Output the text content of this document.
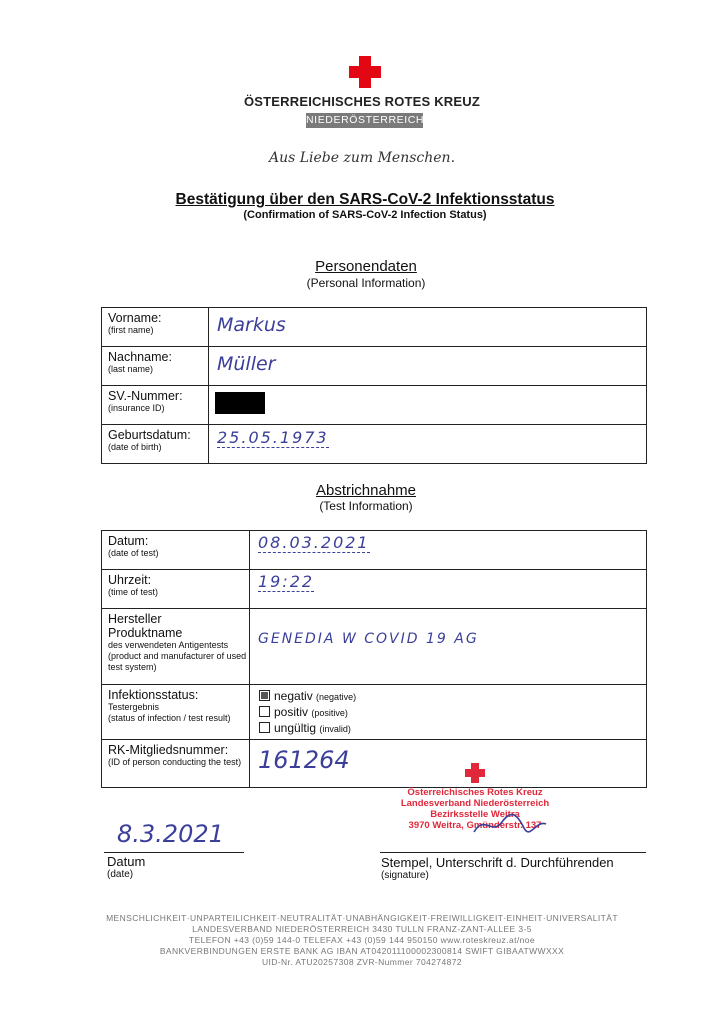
ÖSTERREICHISCHES ROTES KREUZ
NIEDERÖSTERREICH
Aus Liebe zum Menschen.
Bestätigung über den SARS-CoV-2 Infektionsstatus
(Confirmation of SARS-CoV-2 Infection Status)
Personendaten
(Personal Information)
Vorname:
(first name)	Markus

Nachname:
(last name)	Müller

SV.-Nummer:
(insurance ID)	

Geburtsdatum:
(date of birth)	25.05.1973
Abstrichnahme
(Test Information)
Datum:
(date of test)	08.03.2021

Uhrzeit:
(time of test)	19:22

Hersteller
Produktname
des verwendeten Antigentests
(product and manufacturer of used test system)	GENEDIA W COVID 19 AG

Infektionsstatus:
Testergebnis
(status of infection / test result)	negativ (negative)
positiv (positive)
ungültig (invalid)

RK-Mitgliedsnummer:
(ID of person conducting the test)	161264
8.3.2021
Datum
(date)
Österreichisches Rotes Kreuz
Landesverband Niederösterreich
Bezirksstelle Weitra
3970 Weitra, Gmünderstr. 137
Stempel, Unterschrift d. Durchführenden
(signature)
MENSCHLICHKEIT·UNPARTEILICHKEIT·NEUTRALITÄT·UNABHÄNGIGKEIT·FREIWILLIGKEIT·EINHEIT·UNIVERSALITÄT
LANDESVERBAND NIEDERÖSTERREICH 3430 TULLN FRANZ-ZANT-ALLEE 3-5
TELEFON +43 (0)59 144-0 TELEFAX +43 (0)59 144 950150 www.roteskreuz.at/noe
BANKVERBINDUNGEN ERSTE BANK AG IBAN AT042011100002300814 SWIFT GIBAATWWXXX
UID-Nr. ATU20257308 ZVR-Nummer 704274872
